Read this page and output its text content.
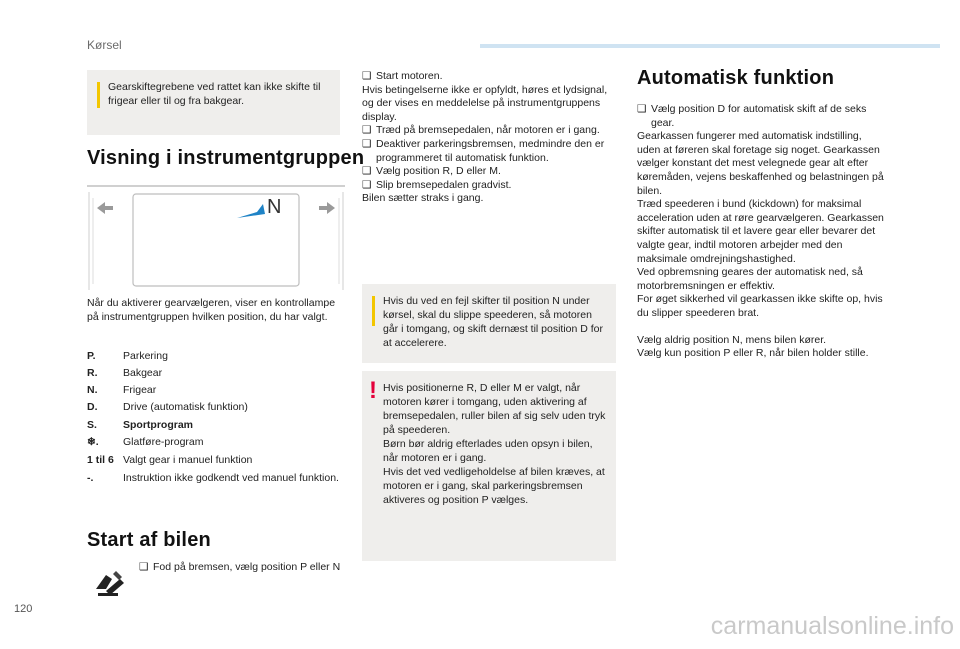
Kørsel
Gearskiftegrebene ved rattet kan ikke skifte til frigear eller til og fra bakgear.
Visning i instrumentgruppen
N
Når du aktiverer gearvælgeren, viser en kontrollampe på instrumentgruppen hvilken position, du har valgt.
P.	Parkering
R.	Bakgear
N.	Frigear
D.	Drive (automatisk funktion)
S.	Sportprogram
❄.	Glatføre-program
1 til 6 Valgt gear i manuel funktion
-.	Instruktion ikke godkendt ved manuel funktion.
Start af bilen
❑ Fod på bremsen, vælg position P eller N
❑ Start motoren.
Hvis betingelserne ikke er opfyldt, høres et lydsignal, og der vises en meddelelse på instrumentgruppens display.
❑ Træd på bremsepedalen, når motoren er i gang.
❑ Deaktiver parkeringsbremsen, medmindre den er programmeret til automatisk funktion.
❑ Vælg position R, D eller M.
❑ Slip bremsepedalen gradvist.
Bilen sætter straks i gang.
Hvis du ved en fejl skifter til position N under kørsel, skal du slippe speederen, så motoren går i tomgang, og skift dernæst til position D for at accelerere.
! Hvis positionerne R, D eller M er valgt, når motoren kører i tomgang, uden aktivering af bremsepedalen, ruller bilen af sig selv uden tryk på speederen.
Børn bør aldrig efterlades uden opsyn i bilen, når motoren er i gang.
Hvis det ved vedligeholdelse af bilen kræves, at motoren er i gang, skal parkeringsbremsen aktiveres og position P vælges.
Automatisk funktion
❑ Vælg position D for automatisk skift af de seks gear.
Gearkassen fungerer med automatisk indstilling, uden at føreren skal foretage sig noget. Gearkassen vælger konstant det mest velegnede gear alt efter køremåden, vejens beskaffenhed og belastningen på bilen.
Træd speederen i bund (kickdown) for maksimal acceleration uden at røre gearvælgeren. Gearkassen skifter automatisk til et lavere gear eller bevarer det valgte gear, indtil motoren arbejder med den maksimale omdrejningshastighed.
Ved opbremsning geares der automatisk ned, så motorbremsningen er effektiv.
For øget sikkerhed vil gearkassen ikke skifte op, hvis du slipper speederen brat.
Vælg aldrig position N, mens bilen kører.
Vælg kun position P eller R, når bilen holder stille.
120
carmanualsonline.info
